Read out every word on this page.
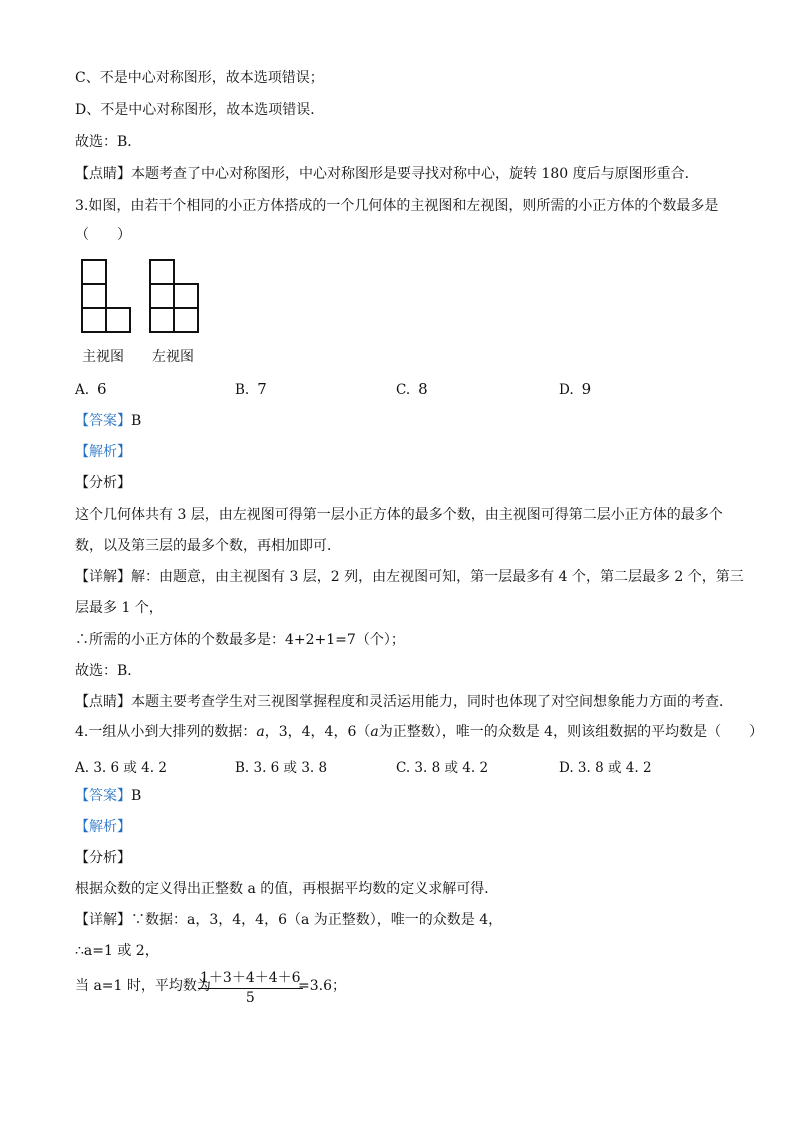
C、不是中心对称图形，故本选项错误；
D、不是中心对称图形，故本选项错误．
故选：B．
【点睛】本题考查了中心对称图形，中心对称图形是要寻找对称中心，旋转 180 度后与原图形重合．
3.如图，由若干个相同的小正方体搭成的一个几何体的主视图和左视图，则所需的小正方体的个数最多是
（　　）
主视图 左视图
A. 6	B. 7	C. 8	D. 9
【答案】B
【解析】
【分析】
这个几何体共有 3 层，由左视图可得第一层小正方体的最多个数，由主视图可得第二层小正方体的最多个
数，以及第三层的最多个数，再相加即可．
【详解】解：由题意，由主视图有 3 层，2 列，由左视图可知，第一层最多有 4 个，第二层最多 2 个，第三
层最多 1 个，
∴所需的小正方体的个数最多是：4+2+1=7（个）；
故选：B．
【点睛】本题主要考查学生对三视图掌握程度和灵活运用能力，同时也体现了对空间想象能力方面的考查．
4.一组从小到大排列的数据：a，3，4，4，6（a为正整数），唯一的众数是 4，则该组数据的平均数是（　　）
A. 3. 6 或 4. 2	B. 3. 6 或 3. 8	C. 3. 8 或 4. 2	D. 3. 8 或 4. 2
【答案】B
【解析】
【分析】
根据众数的定义得出正整数 a 的值，再根据平均数的定义求解可得．
【详解】∵数据：a，3，4，4，6（a 为正整数），唯一的众数是 4，
∴a=1 或 2，
当 a=1 时，平均数为
$\frac{1+3+4+4+6}{5}$
=3.6；
